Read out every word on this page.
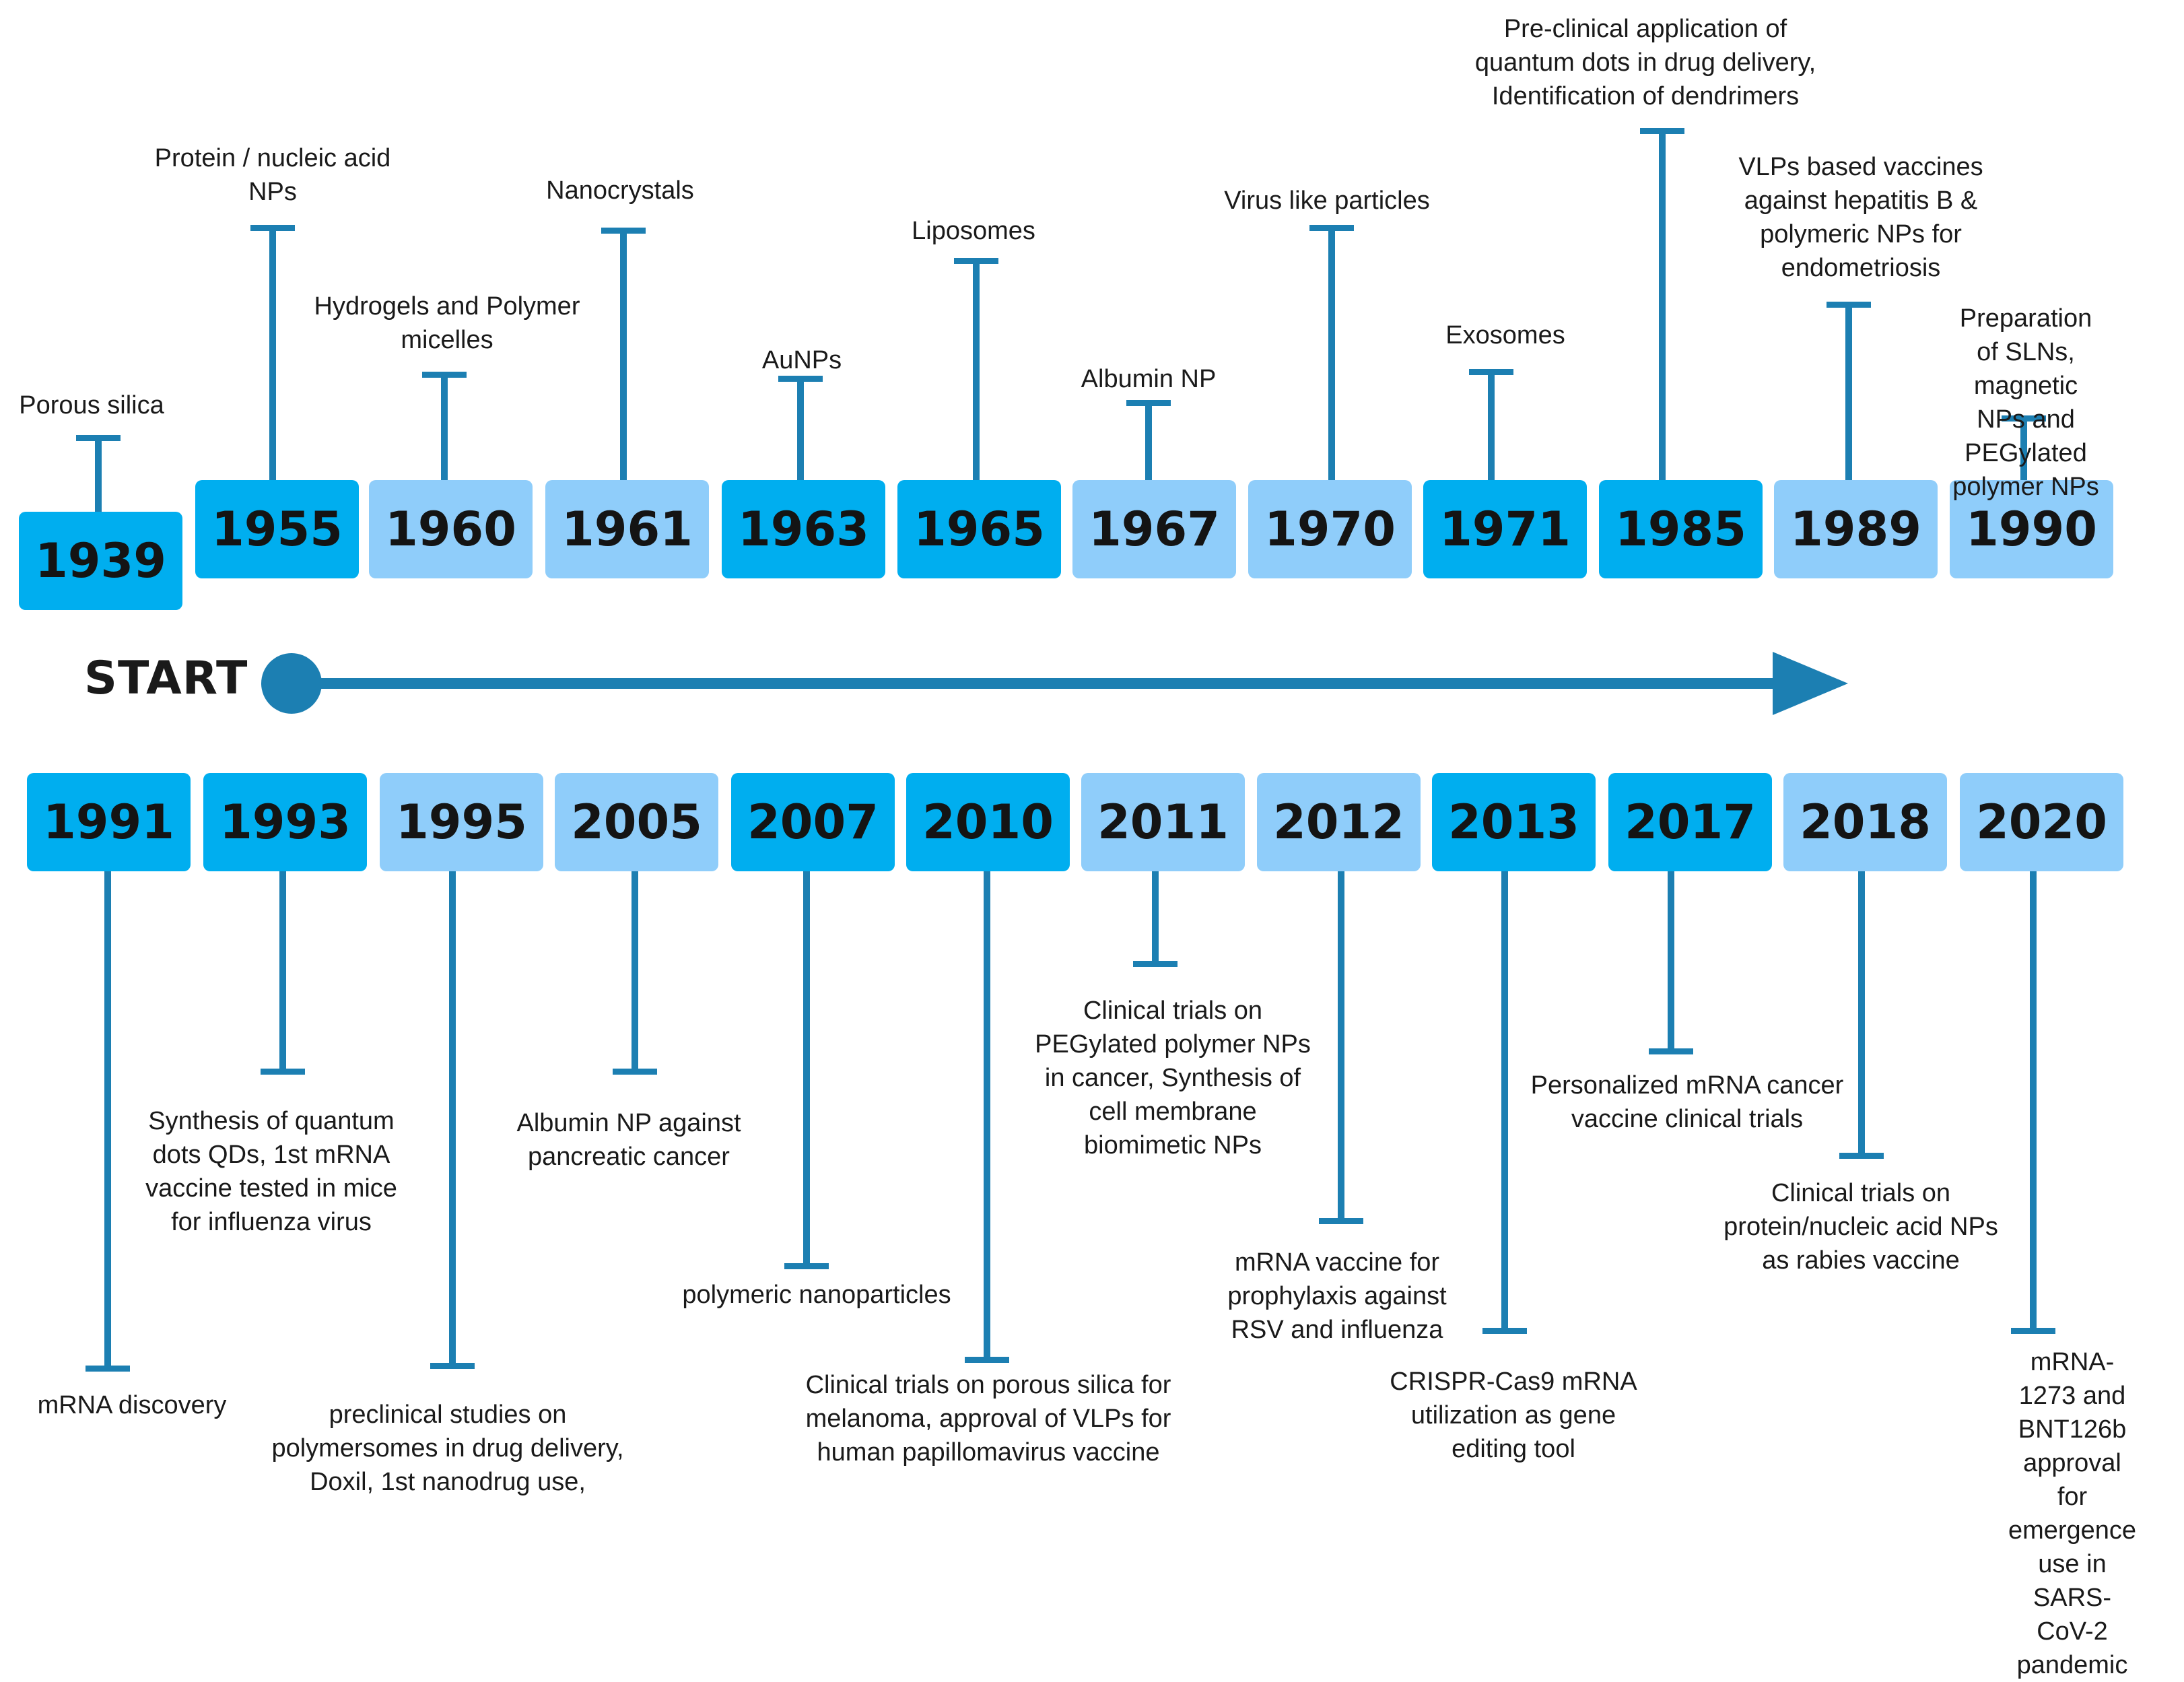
START
1939
Porous silica
1955
Protein / nucleic acid
NPs
1960
Hydrogels and Polymer
micelles
1961
Nanocrystals
1963
AuNPs
1965
Liposomes
1967
Albumin NP
1970
Virus like particles
1971
Exosomes
1985
Pre-clinical application of
quantum dots in drug delivery,
Identification of dendrimers
1989
VLPs based vaccines
against hepatitis B &
polymeric NPs for
endometriosis
1990
Preparation of SLNs,
magnetic NPs and
PEGylated polymer NPs
1991
mRNA discovery
1993
Synthesis of quantum
dots QDs, 1st mRNA
vaccine tested in mice
for influenza virus
1995
preclinical studies on
polymersomes in drug delivery,
Doxil, 1st nanodrug use,
2005
Albumin NP against
pancreatic cancer
2007
polymeric nanoparticles
2010
Clinical trials on porous silica for
melanoma, approval of VLPs for
human papillomavirus vaccine
2011
Clinical trials on
PEGylated polymer NPs
in cancer, Synthesis of
cell membrane
biomimetic NPs
2012
mRNA vaccine for
prophylaxis against
RSV and influenza
2013
CRISPR-Cas9 mRNA
utilization as gene
editing tool
2017
Personalized mRNA cancer
vaccine clinical trials
2018
Clinical trials on
protein/nucleic acid NPs
as rabies vaccine
2020
mRNA-1273 and
BNT126b approval for
emergence use in
SARS-CoV-2 pandemic
